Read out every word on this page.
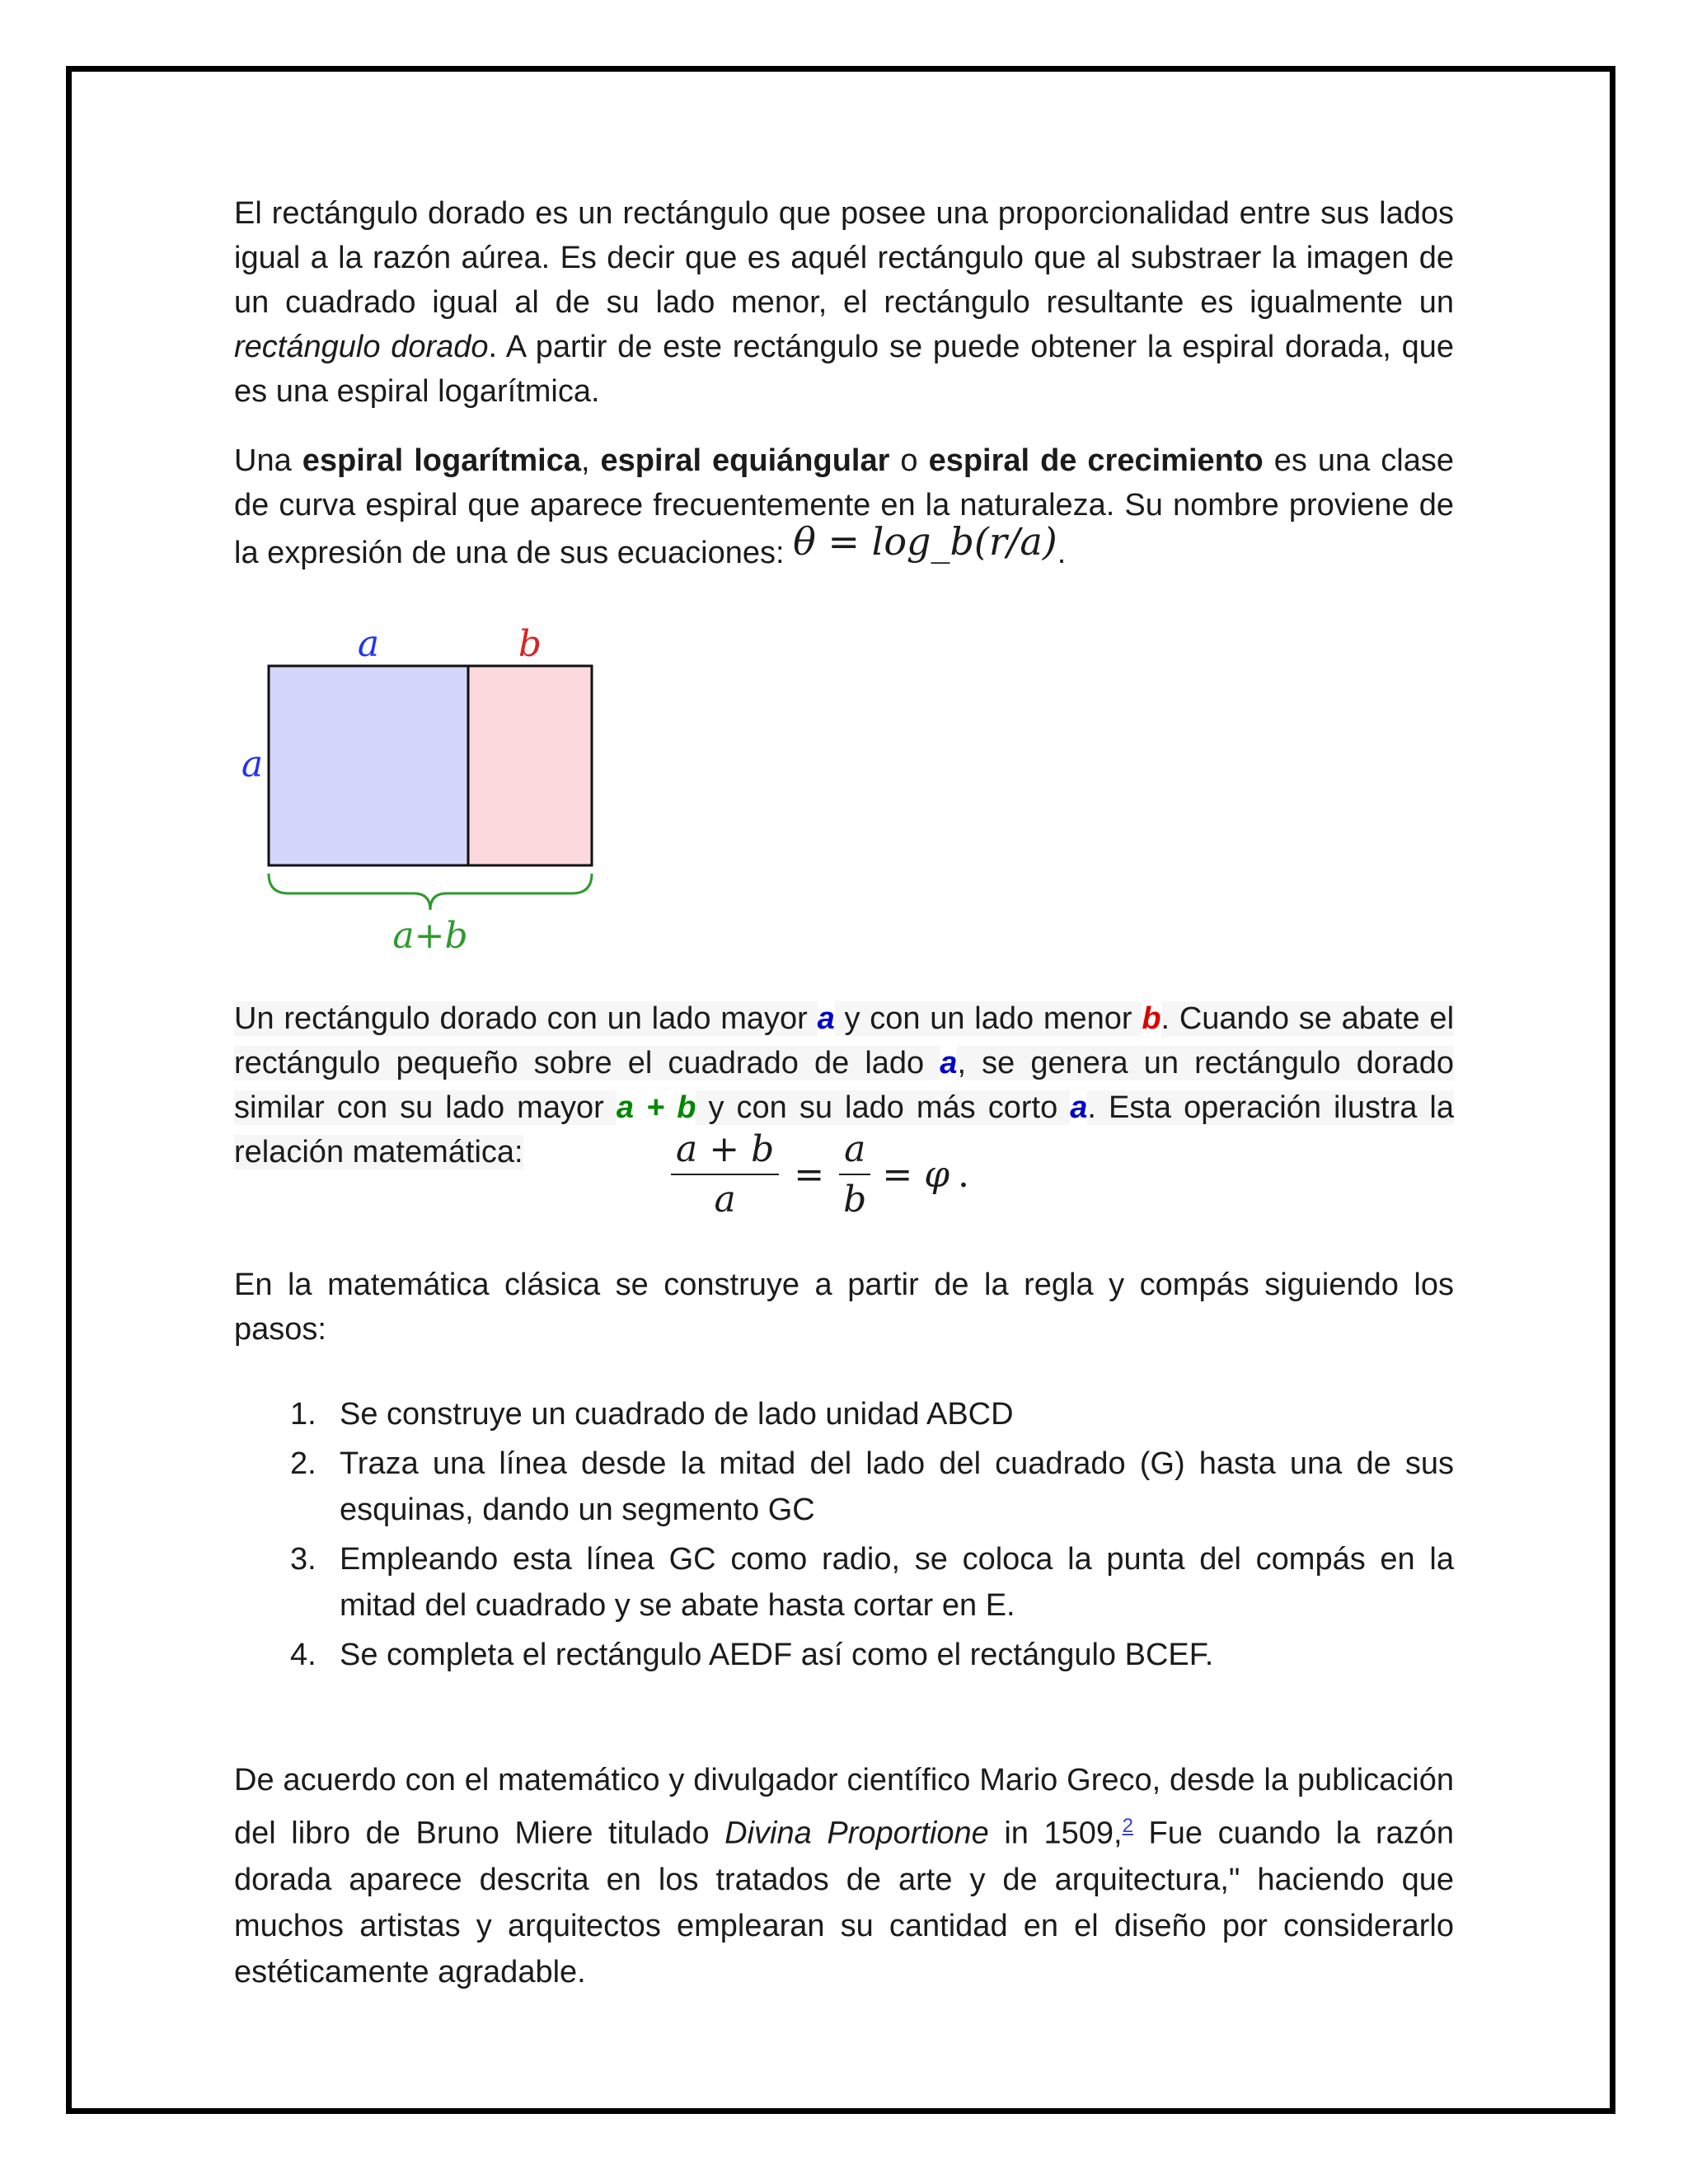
El rectángulo dorado es un rectángulo que posee una proporcionalidad entre sus lados igual a la razón aúrea. Es decir que es aquél rectángulo que al substraer la imagen de un cuadrado igual al de su lado menor, el rectángulo resultante es igualmente un rectángulo dorado. A partir de este rectángulo se puede obtener la espiral dorada, que es una espiral logarítmica.

Una espiral logarítmica, espiral equiángular o espiral de crecimiento es una clase de curva espiral que aparece frecuentemente en la naturaleza. Su nombre proviene de la expresión de una de sus ecuaciones: θ = log_b(r/a).

a	b
a
a+b

Un rectángulo dorado con un lado mayor a y con un lado menor b. Cuando se abate el rectángulo pequeño sobre el cuadrado de lado a, se genera un rectángulo dorado similar con su lado mayor a + b y con su lado más corto a. Esta operación ilustra la relación matemática:	$\frac{a + b}{a} = \frac{a}{b} = \varphi$ .

En la matemática clásica se construye a partir de la regla y compás siguiendo los pasos:

1. Se construye un cuadrado de lado unidad ABCD
2. Traza una línea desde la mitad del lado del cuadrado (G) hasta una de sus esquinas, dando un segmento GC
3. Empleando esta línea GC como radio, se coloca la punta del compás en la mitad del cuadrado y se abate hasta cortar en E.
4. Se completa el rectángulo AEDF así como el rectángulo BCEF.

De acuerdo con el matemático y divulgador científico Mario Greco, desde la publicación del libro de Bruno Miere titulado Divina Proportione in 1509,$^2$ Fue cuando la razón dorada aparece descrita en los tratados de arte y de arquitectura," haciendo que muchos artistas y arquitectos emplearan su cantidad en el diseño por considerarlo estéticamente agradable.
